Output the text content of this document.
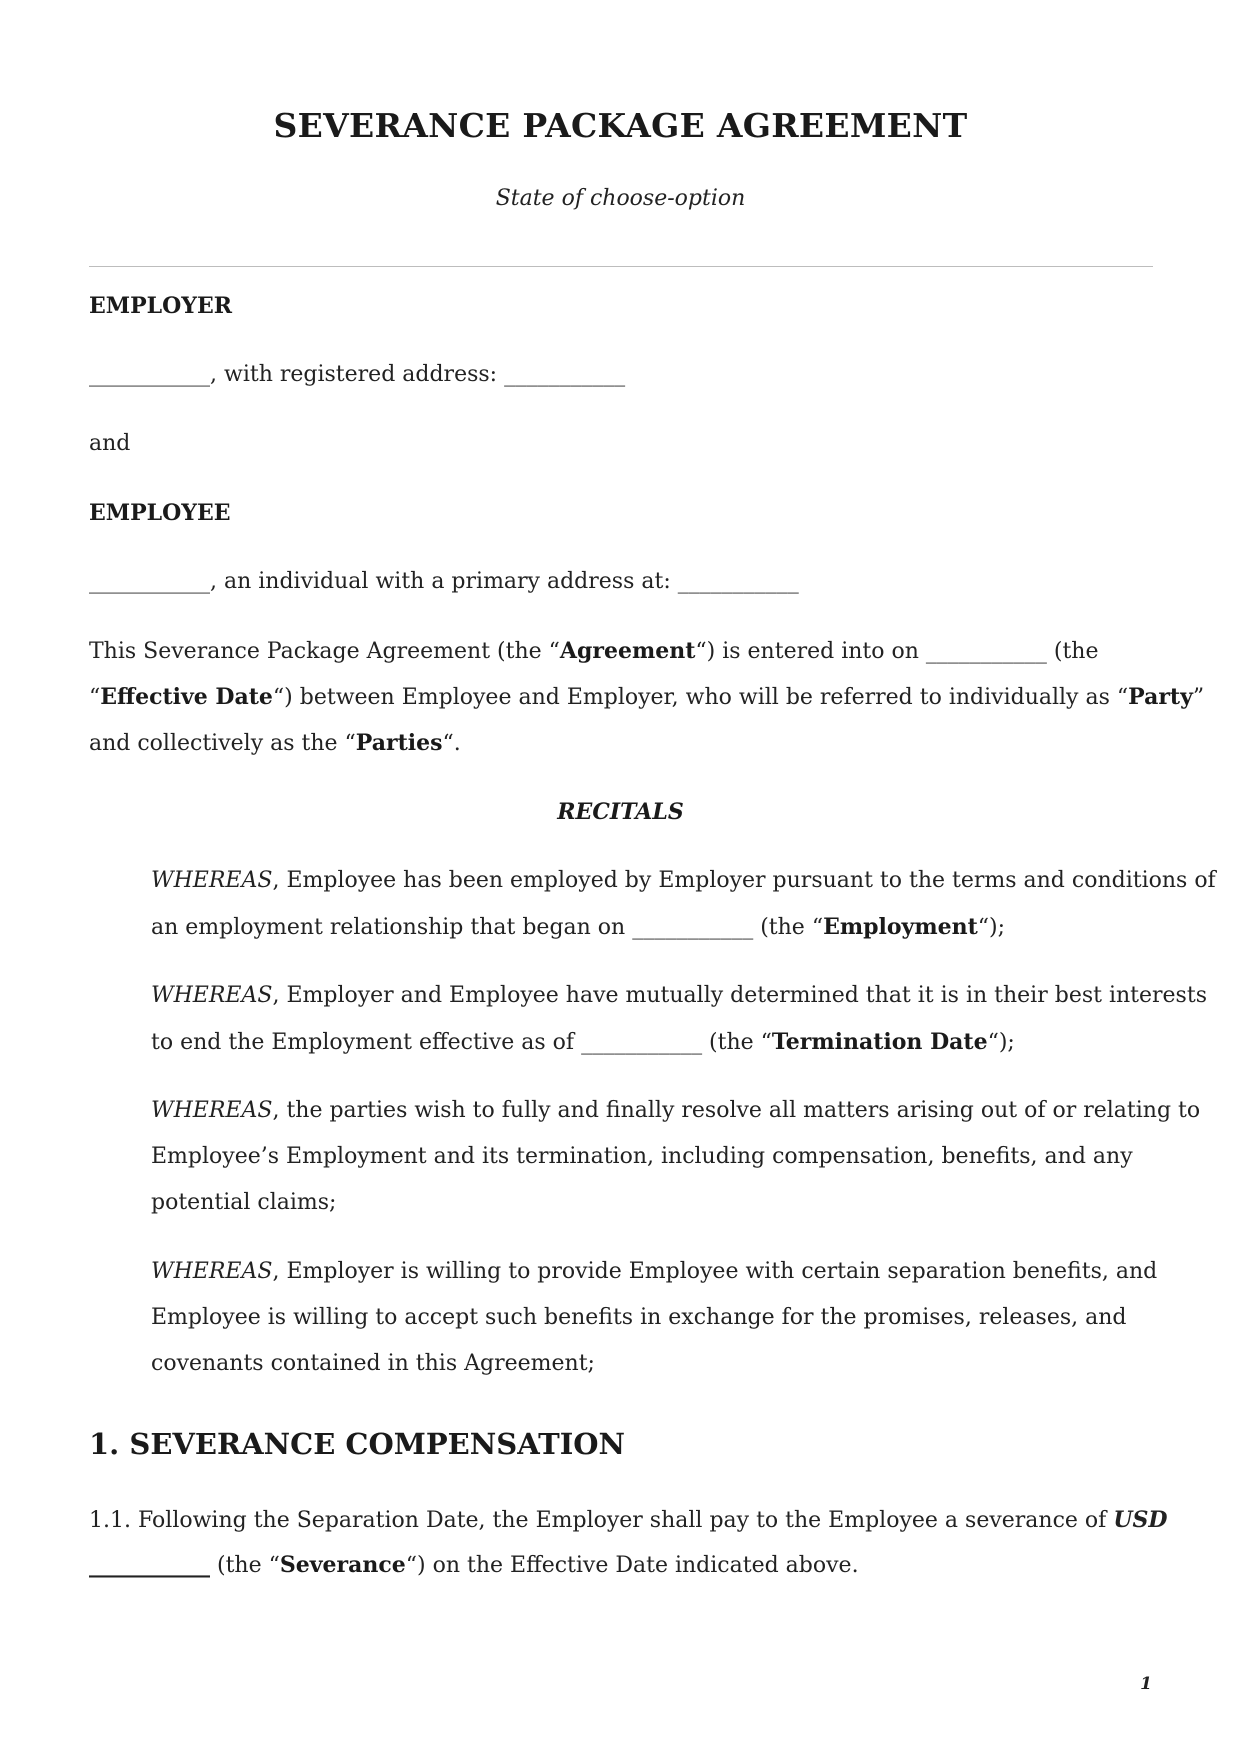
SEVERANCE PACKAGE AGREEMENT
State of choose-option
EMPLOYER
___________, with registered address: ___________
and
EMPLOYEE
___________, an individual with a primary address at: ___________
This Severance Package Agreement (the “Agreement“) is entered into on ___________ (the
“Effective Date“) between Employee and Employer, who will be referred to individually as “Party”
and collectively as the “Parties“.
RECITALS
WHEREAS, Employee has been employed by Employer pursuant to the terms and conditions of
an employment relationship that began on ___________ (the “Employment“);
WHEREAS, Employer and Employee have mutually determined that it is in their best interests
to end the Employment effective as of ___________ (the “Termination Date“);
WHEREAS, the parties wish to fully and finally resolve all matters arising out of or relating to
Employee’s Employment and its termination, including compensation, benefits, and any
potential claims;
WHEREAS, Employer is willing to provide Employee with certain separation benefits, and
Employee is willing to accept such benefits in exchange for the promises, releases, and
covenants contained in this Agreement;
1. SEVERANCE COMPENSATION
1.1. Following the Separation Date, the Employer shall pay to the Employee a severance of USD
___________ (the “Severance“) on the Effective Date indicated above.
1
